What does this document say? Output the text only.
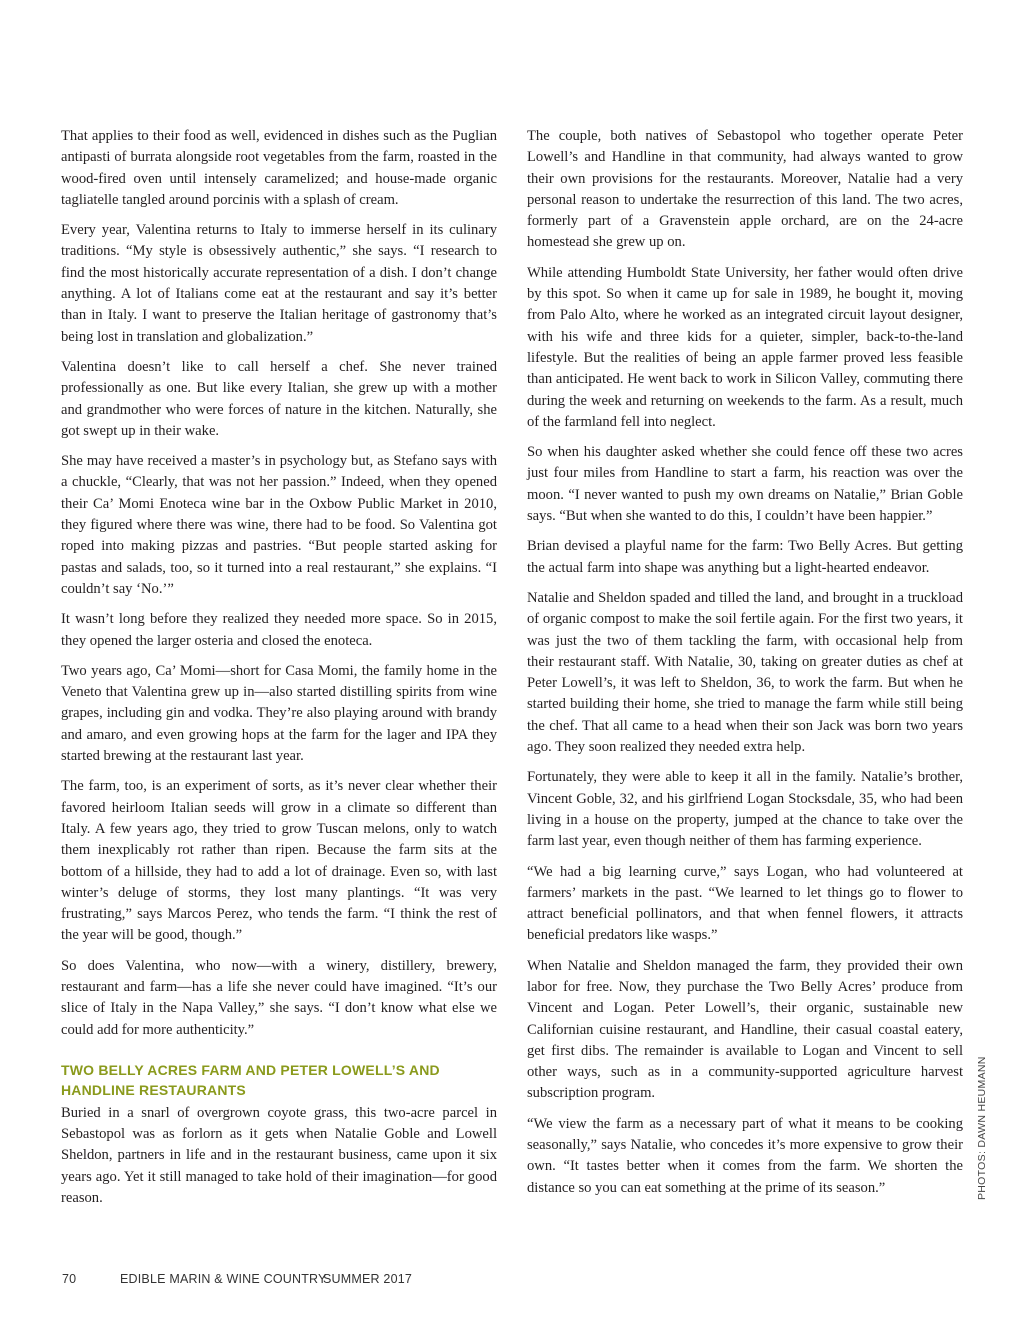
That applies to their food as well, evidenced in dishes such as the Puglian antipasti of burrata alongside root vegetables from the farm, roasted in the wood-fired oven until intensely caramelized; and house-made organic tagliatelle tangled around porcinis with a splash of cream.

Every year, Valentina returns to Italy to immerse herself in its culinary traditions. “My style is obsessively authentic,” she says. “I research to find the most historically accurate representation of a dish. I don’t change anything. A lot of Italians come eat at the restaurant and say it’s better than in Italy. I want to preserve the Italian heritage of gastronomy that’s being lost in translation and globalization.”

Valentina doesn’t like to call herself a chef. She never trained professionally as one. But like every Italian, she grew up with a mother and grandmother who were forces of nature in the kitchen. Naturally, she got swept up in their wake.

She may have received a master’s in psychology but, as Stefano says with a chuckle, “Clearly, that was not her passion.” Indeed, when they opened their Ca’ Momi Enoteca wine bar in the Oxbow Public Market in 2010, they figured where there was wine, there had to be food. So Valentina got roped into making pizzas and pastries. “But people started asking for pastas and salads, too, so it turned into a real restaurant,” she explains. “I couldn’t say ‘No.’”

It wasn’t long before they realized they needed more space. So in 2015, they opened the larger osteria and closed the enoteca.

Two years ago, Ca’ Momi—short for Casa Momi, the family home in the Veneto that Valentina grew up in—also started distilling spirits from wine grapes, including gin and vodka. They’re also playing around with brandy and amaro, and even growing hops at the farm for the lager and IPA they started brewing at the restaurant last year.

The farm, too, is an experiment of sorts, as it’s never clear whether their favored heirloom Italian seeds will grow in a climate so different than Italy. A few years ago, they tried to grow Tuscan melons, only to watch them inexplicably rot rather than ripen. Because the farm sits at the bottom of a hillside, they had to add a lot of drainage. Even so, with last winter’s deluge of storms, they lost many plantings. “It was very frustrating,” says Marcos Perez, who tends the farm. “I think the rest of the year will be good, though.”

So does Valentina, who now—with a winery, distillery, brewery, restaurant and farm—has a life she never could have imagined. “It’s our slice of Italy in the Napa Valley,” she says. “I don’t know what else we could add for more authenticity.”

TWO BELLY ACRES FARM AND PETER LOWELL’S AND HANDLINE RESTAURANTS

Buried in a snarl of overgrown coyote grass, this two-acre parcel in Sebastopol was as forlorn as it gets when Natalie Goble and Lowell Sheldon, partners in life and in the restaurant business, came upon it six years ago. Yet it still managed to take hold of their imagination—for good reason.

The couple, both natives of Sebastopol who together operate Peter Lowell’s and Handline in that community, had always wanted to grow their own provisions for the restaurants. Moreover, Natalie had a very personal reason to undertake the resurrection of this land. The two acres, formerly part of a Gravenstein apple orchard, are on the 24-acre homestead she grew up on.

While attending Humboldt State University, her father would often drive by this spot. So when it came up for sale in 1989, he bought it, moving from Palo Alto, where he worked as an integrated circuit layout designer, with his wife and three kids for a quieter, simpler, back-to-the-land lifestyle. But the realities of being an apple farmer proved less feasible than anticipated. He went back to work in Silicon Valley, commuting there during the week and returning on weekends to the farm. As a result, much of the farmland fell into neglect.

So when his daughter asked whether she could fence off these two acres just four miles from Handline to start a farm, his reaction was over the moon. “I never wanted to push my own dreams on Natalie,” Brian Goble says. “But when she wanted to do this, I couldn’t have been happier.”

Brian devised a playful name for the farm: Two Belly Acres. But getting the actual farm into shape was anything but a light-hearted endeavor.

Natalie and Sheldon spaded and tilled the land, and brought in a truckload of organic compost to make the soil fertile again. For the first two years, it was just the two of them tackling the farm, with occasional help from their restaurant staff. With Natalie, 30, taking on greater duties as chef at Peter Lowell’s, it was left to Sheldon, 36, to work the farm. But when he started building their home, she tried to manage the farm while still being the chef. That all came to a head when their son Jack was born two years ago. They soon realized they needed extra help.

Fortunately, they were able to keep it all in the family. Natalie’s brother, Vincent Goble, 32, and his girlfriend Logan Stocksdale, 35, who had been living in a house on the property, jumped at the chance to take over the farm last year, even though neither of them has farming experience.

“We had a big learning curve,” says Logan, who had volunteered at farmers’ markets in the past. “We learned to let things go to flower to attract beneficial pollinators, and that when fennel flowers, it attracts beneficial predators like wasps.”

When Natalie and Sheldon managed the farm, they provided their own labor for free. Now, they purchase the Two Belly Acres’ produce from Vincent and Logan. Peter Lowell’s, their organic, sustainable new Californian cuisine restaurant, and Handline, their casual coastal eatery, get first dibs. The remainder is available to Logan and Vincent to sell other ways, such as in a community-supported agriculture harvest subscription program.

“We view the farm as a necessary part of what it means to be cooking seasonally,” says Natalie, who concedes it’s more expensive to grow their own. “It tastes better when it comes from the farm. We shorten the distance so you can eat something at the prime of its season.”	PHOTOS: DAWN HEUMANN
70	EDIBLE MARIN & WINE COUNTRY
SUMMER 2017
